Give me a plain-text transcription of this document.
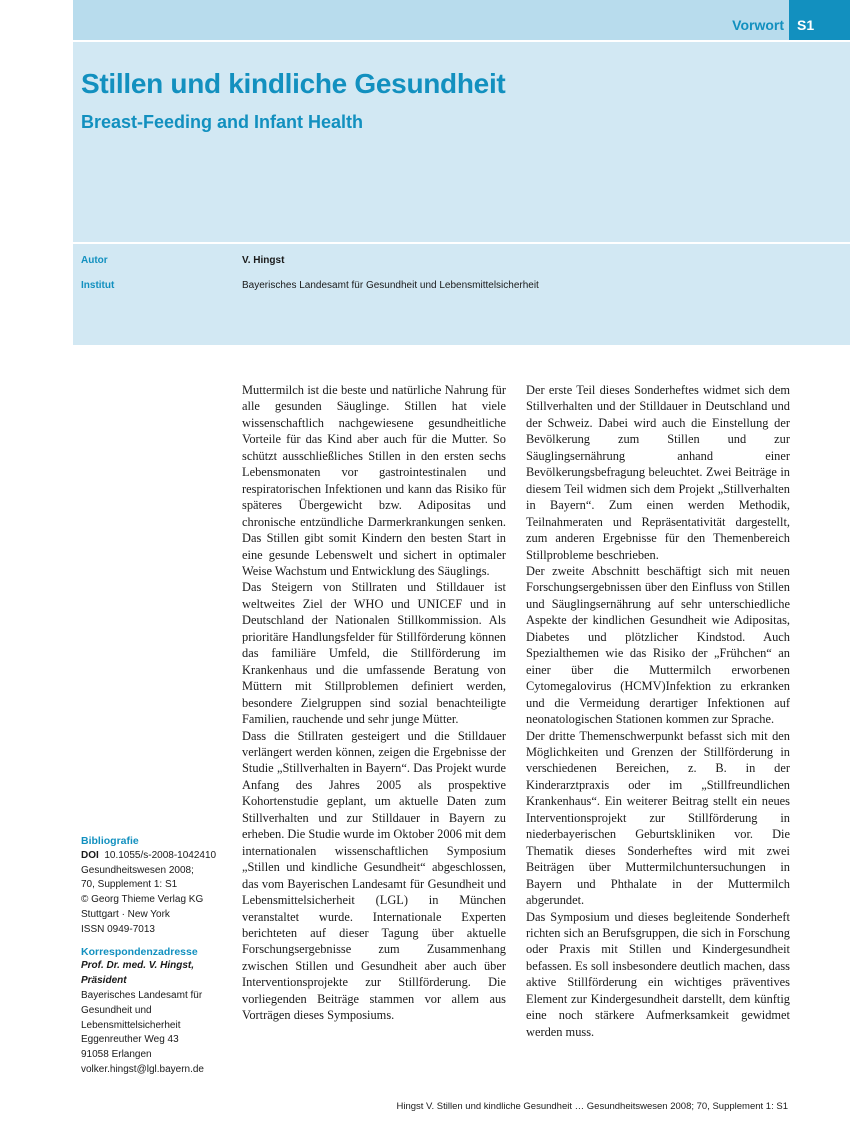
Vorwort S1
Stillen und kindliche Gesundheit
Breast-Feeding and Infant Health
Autor	V. Hingst
Institut	Bayerisches Landesamt für Gesundheit und Lebensmittelsicherheit
Bibliografie
DOI 10.1055/s-2008-1042410
Gesundheitswesen 2008;
70, Supplement 1: S1
© Georg Thieme Verlag KG
Stuttgart · New York
ISSN 0949-7013
Korrespondenzadresse
Prof. Dr. med. V. Hingst,
Präsident
Bayerisches Landesamt für
Gesundheit und
Lebensmittelsicherheit
Eggenreuther Weg 43
91058 Erlangen
volker.hingst@lgl.bayern.de

Muttermilch ist die beste und natürliche Nahrung für alle gesunden Säuglinge. Stillen hat viele wissenschaftlich nachgewiesene gesundheitliche Vorteile für das Kind aber auch für die Mutter. So schützt ausschließliches Stillen in den ersten sechs Lebensmonaten vor gastrointestinalen und respiratorischen Infektionen und kann das Risiko für späteres Übergewicht bzw. Adipositas und chronische entzündliche Darmerkrankungen senken. Das Stillen gibt somit Kindern den besten Start in eine gesunde Lebenswelt und sichert in optimaler Weise Wachstum und Entwicklung des Säuglings.

Das Steigern von Stillraten und Stilldauer ist weltweites Ziel der WHO und UNICEF und in Deutschland der Nationalen Stillkommission. Als prioritäre Handlungsfelder für Stillförderung können das familiäre Umfeld, die Stillförderung im Krankenhaus und die umfassende Beratung von Müttern mit Stillproblemen definiert werden, besondere Zielgruppen sind sozial benachteiligte Familien, rauchende und sehr junge Mütter.

Dass die Stillraten gesteigert und die Stilldauer verlängert werden können, zeigen die Ergebnisse der Studie „Stillverhalten in Bayern“. Das Projekt wurde Anfang des Jahres 2005 als prospektive Kohortenstudie geplant, um aktuelle Daten zum Stillverhalten und zur Stilldauer in Bayern zu erheben. Die Studie wurde im Oktober 2006 mit dem internationalen wissenschaftlichen Symposium „Stillen und kindliche Gesundheit“ abgeschlossen, das vom Bayerischen Landesamt für Gesundheit und Lebensmittelsicherheit (LGL) in München veranstaltet wurde. Internationale Experten berichteten auf dieser Tagung über aktuelle Forschungsergebnisse zum Zusammenhang zwischen Stillen und Gesundheit aber auch über Interventionsprojekte zur Stillförderung. Die vorliegenden Beiträge stammen vor allem aus Vorträgen dieses Symposiums.

Der erste Teil dieses Sonderheftes widmet sich dem Stillverhalten und der Stilldauer in Deutschland und der Schweiz. Dabei wird auch die Einstellung der Bevölkerung zum Stillen und zur Säuglingsernährung anhand einer Bevölkerungsbefragung beleuchtet. Zwei Beiträge in diesem Teil widmen sich dem Projekt „Stillverhalten in Bayern“. Zum einen werden Methodik, Teilnahmeraten und Repräsentativität dargestellt, zum anderen Ergebnisse für den Themenbereich Stillprobleme beschrieben.

Der zweite Abschnitt beschäftigt sich mit neuen Forschungsergebnissen über den Einfluss von Stillen und Säuglingsernährung auf sehr unterschiedliche Aspekte der kindlichen Gesundheit wie Adipositas, Diabetes und plötzlicher Kindstod. Auch Spezialthemen wie das Risiko der „Frühchen“ an einer über die Muttermilch erworbenen Cytomegalovirus (HCMV)Infektion zu erkranken und die Vermeidung derartiger Infektionen auf neonatologischen Stationen kommen zur Sprache.

Der dritte Themenschwerpunkt befasst sich mit den Möglichkeiten und Grenzen der Stillförderung in verschiedenen Bereichen, z. B. in der Kinderarztpraxis oder im „Stillfreundlichen Krankenhaus“. Ein weiterer Beitrag stellt ein neues Interventionsprojekt zur Stillförderung in niederbayerischen Geburtskliniken vor. Die Thematik dieses Sonderheftes wird mit zwei Beiträgen über Muttermilchuntersuchungen in Bayern und Phthalate in der Muttermilch abgerundet.

Das Symposium und dieses begleitende Sonderheft richten sich an Berufsgruppen, die sich in Forschung oder Praxis mit Stillen und Kindergesundheit befassen. Es soll insbesondere deutlich machen, dass aktive Stillförderung ein wichtiges präventives Element zur Kindergesundheit darstellt, dem künftig eine noch stärkere Aufmerksamkeit gewidmet werden muss.

Hingst V. Stillen und kindliche Gesundheit … Gesundheitswesen 2008; 70, Supplement 1: S1
